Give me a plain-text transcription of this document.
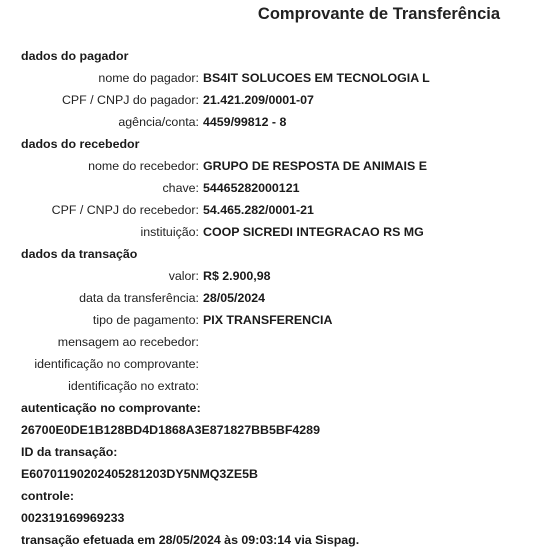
Comprovante de Transferência
dados do pagador
nome do pagador: BS4IT SOLUCOES EM TECNOLOGIA L
CPF / CNPJ do pagador: 21.421.209/0001-07
agência/conta: 4459/99812 - 8
dados do recebedor
nome do recebedor: GRUPO DE RESPOSTA DE ANIMAIS E
chave: 54465282000121
CPF / CNPJ do recebedor: 54.465.282/0001-21
instituição: COOP SICREDI INTEGRACAO RS MG
dados da transação
valor: R$ 2.900,98
data da transferência: 28/05/2024
tipo de pagamento: PIX TRANSFERENCIA
mensagem ao recebedor:
identificação no comprovante:
identificação no extrato:
autenticação no comprovante:
26700E0DE1B128BD4D1868A3E871827BB5BF4289
ID da transação:
E60701190202405281203DY5NMQ3ZE5B
controle:
002319169969233
transação efetuada em 28/05/2024 às 09:03:14 via Sispag.
